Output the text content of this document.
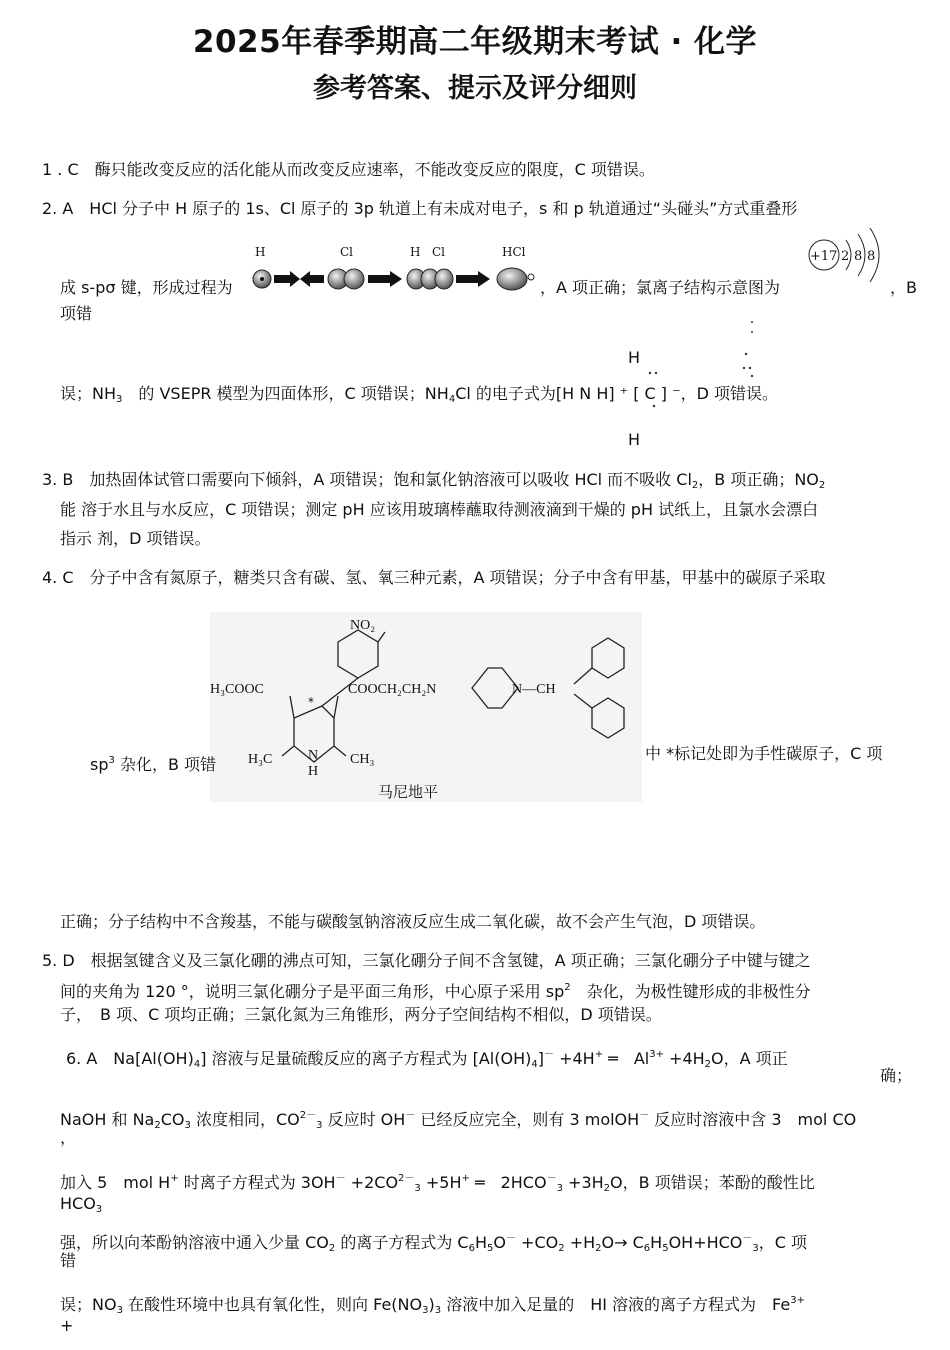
2025年春季期高二年级期末考试 · 化学
参考答案、提示及评分细则
1 . C　酶只能改变反应的活化能从而改变反应速率，不能改变反应的限度，C 项错误。
2. A　HCl 分子中 H 原子的 1s、Cl 原子的 3p 轨道上有未成对电子，s 和 p 轨道通过“头碰头”方式重叠形
H	Cl	H Cl	HCl
成 s-pσ 键，形成过程为	，A 项正确；氯离子结构示意图为
+17 2 8 8
，B
项错
H
H
误；$NH_3$　的 VSEPR 模型为四面体形，C 项错误；$NH_4Cl$ 的电子式为[H N H] ⁺ [ C ] ⁻，D 项错误。
3. B　加热固体试管口需要向下倾斜，A 项错误；饱和氯化钠溶液可以吸收 HCl 而不吸收 $Cl_2$，B 项正确；$NO_2$
能 溶于水且与水反应，C 项错误；测定 pH 应该用玻璃棒蘸取待测液滴到干燥的 pH 试纸上，且氯水会漂白
指示 剂，D 项错误。
4. C　分子中含有氮原子，糖类只含有碳、氢、氧三种元素，A 项错误；分子中含有甲基，甲基中的碳原子采取
NO₂
H₃COOC	COOCH₂CH₂N	N—CH
*
H₃C	CH₃
N
H
马尼地平
$sp^3$ 杂化，B 项错
中 *标记处即为手性碳原子，C 项
正确；分子结构中不含羧基，不能与碳酸氢钠溶液反应生成二氧化碳，故不会产生气泡，D 项错误。
5. D　根据氢键含义及三氯化硼的沸点可知，三氯化硼分子间不含氢键，A 项正确；三氯化硼分子中键与键之
间的夹角为 120 °，说明三氯化硼分子是平面三角形，中心原子采用 $sp^2$　杂化，为极性键形成的非极性分
子，　B 项、C 项均正确；三氯化氮为三角锥形，两分子空间结构不相似，D 项错误。
6. A　$Na[Al(OH)_4]$ 溶液与足量硫酸反应的离子方程式为 $[Al(OH)_4]^- +4H^+$ ═　$Al^{3+} +4H_2O$，A 项正
确；
NaOH 和 $Na_2CO_3$ 浓度相同，$CO^{2-}_3$ 反应时 OH－ 已经反应完全，则有 3 molOH－ 反应时溶液中含 3　mol CO
，
加入 5　mol H+ 时离子方程式为 $3OH^- +2CO^{2-}_3 +5H^+$ ═　$2HCO^-_3 +3H_2O$，B 项错误；苯酚的酸性比
$HCO_3$
强，所以向苯酚钠溶液中通入少量 $CO_2$ 的离子方程式为 $C_6H_5O^- +CO_2 +H_2O\to C_6H_5OH+HCO^-_3$，C 项
错
误；$NO_3$ 在酸性环境中也具有氧化性，则向 $Fe(NO_3)_3$ 溶液中加入足量的　HI 溶液的离子方程式为　$Fe^{3+}$
+
